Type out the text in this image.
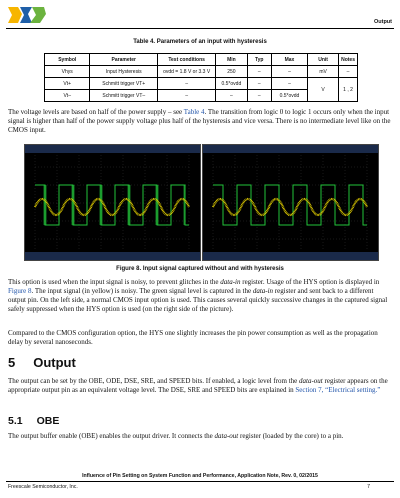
Output
Table 4. Parameters of an input with hysteresis
Symbol	Parameter	Test conditions	Min	Typ	Max	Unit	Notes
Vhys	Input Hysteresis	ovdd = 1.8 V or 3.3 V	250	–	–	mV	–
Vt+	Schmitt trigger VT+	–	0.5*ovdd	–	–	V	1 , 2
Vt–	Schmitt trigger VT–	–	–	–	0.5*ovdd		
The voltage levels are based on half of the power supply – see Table 4. The transition from logic 0 to logic 1 occurs only when the input signal is higher than half of the power supply voltage plus half of the hysteresis and vice versa. There is no intermediate level like on the CMOS input.
Figure 8. Input signal captured without and with hysteresis
This option is used when the input signal is noisy, to prevent glitches in the data-in register. Usage of the HYS option is displayed in Figure 8. The input signal (in yellow) is noisy. The green signal level is captured in the data-in register and sent back to a different output pin. On the left side, a normal CMOS input option is used. This causes several quickly successive changes in the captured signal safely suppressed when the HYS option is used (on the right side of the picture).
Compared to the CMOS configuration option, the HYS one slightly increases the pin power consumption as well as the propagation delay by several nanoseconds.
5 Output
The output can be set by the OBE, ODE, DSE, SRE, and SPEED bits. If enabled, a logic level from the data-out register appears on the appropriate output pin as an equivalent voltage level. The DSE, SRE and SPEED bits are explained in Section 7, “Electrical setting.”
5.1 OBE
The output buffer enable (OBE) enables the output driver. It connects the data-out register (loaded by the core) to a pin.
Influence of Pin Setting on System Function and Performance, Application Note, Rev. 0, 02/2015
Freescale Semiconductor, Inc.	7
